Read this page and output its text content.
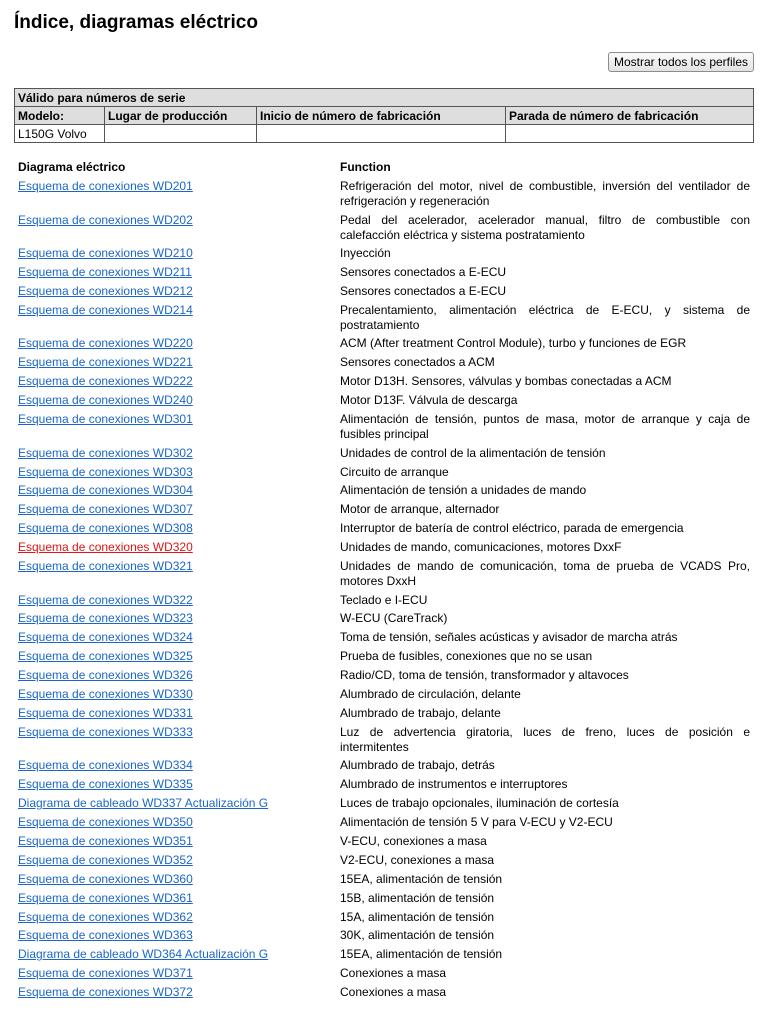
Índice, diagramas eléctrico
Mostrar todos los perfiles
Válido para números de serie			
Modelo:	Lugar de producción	Inicio de número de fabricación	Parada de número de fabricación
L150G Volvo			
Diagrama eléctrico	Function
Esquema de conexiones WD201	Refrigeración del motor, nivel de combustible, inversión del ventilador de refrigeración y regeneración
Esquema de conexiones WD202	Pedal del acelerador, acelerador manual, filtro de combustible con calefacción eléctrica y sistema postratamiento
Esquema de conexiones WD210	Inyección
Esquema de conexiones WD211	Sensores conectados a E-ECU
Esquema de conexiones WD212	Sensores conectados a E-ECU
Esquema de conexiones WD214	Precalentamiento, alimentación eléctrica de E-ECU, y sistema de postratamiento
Esquema de conexiones WD220	ACM (After treatment Control Module), turbo y funciones de EGR
Esquema de conexiones WD221	Sensores conectados a ACM
Esquema de conexiones WD222	Motor D13H. Sensores, válvulas y bombas conectadas a ACM
Esquema de conexiones WD240	Motor D13F. Válvula de descarga
Esquema de conexiones WD301	Alimentación de tensión, puntos de masa, motor de arranque y caja de fusibles principal
Esquema de conexiones WD302	Unidades de control de la alimentación de tensión
Esquema de conexiones WD303	Circuito de arranque
Esquema de conexiones WD304	Alimentación de tensión a unidades de mando
Esquema de conexiones WD307	Motor de arranque, alternador
Esquema de conexiones WD308	Interruptor de batería de control eléctrico, parada de emergencia
Esquema de conexiones WD320	Unidades de mando, comunicaciones, motores DxxF
Esquema de conexiones WD321	Unidades de mando de comunicación, toma de prueba de VCADS Pro, motores DxxH
Esquema de conexiones WD322	Teclado e I-ECU
Esquema de conexiones WD323	W-ECU (CareTrack)
Esquema de conexiones WD324	Toma de tensión, señales acústicas y avisador de marcha atrás
Esquema de conexiones WD325	Prueba de fusibles, conexiones que no se usan
Esquema de conexiones WD326	Radio/CD, toma de tensión, transformador y altavoces
Esquema de conexiones WD330	Alumbrado de circulación, delante
Esquema de conexiones WD331	Alumbrado de trabajo, delante
Esquema de conexiones WD333	Luz de advertencia giratoria, luces de freno, luces de posición e intermitentes
Esquema de conexiones WD334	Alumbrado de trabajo, detrás
Esquema de conexiones WD335	Alumbrado de instrumentos e interruptores
Diagrama de cableado WD337 Actualización G	Luces de trabajo opcionales, iluminación de cortesía
Esquema de conexiones WD350	Alimentación de tensión 5 V para V-ECU y V2-ECU
Esquema de conexiones WD351	V-ECU, conexiones a masa
Esquema de conexiones WD352	V2-ECU, conexiones a masa
Esquema de conexiones WD360	15EA, alimentación de tensión
Esquema de conexiones WD361	15B, alimentación de tensión
Esquema de conexiones WD362	15A, alimentación de tensión
Esquema de conexiones WD363	30K, alimentación de tensión
Diagrama de cableado WD364 Actualización G	15EA, alimentación de tensión
Esquema de conexiones WD371	Conexiones a masa
Esquema de conexiones WD372	Conexiones a masa
